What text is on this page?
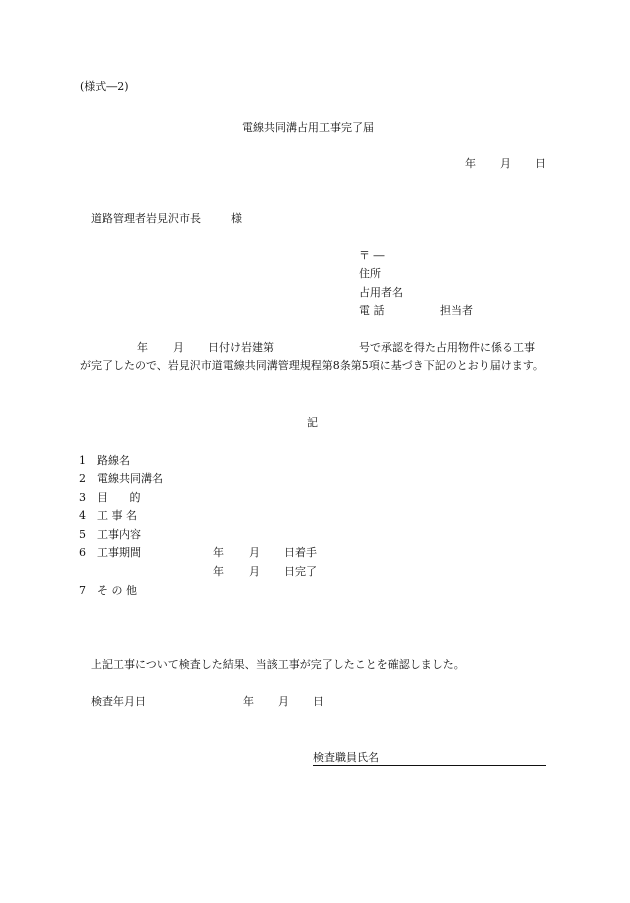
(様式―2)
電線共同溝占用工事完了届
年 月 日
道路管理者岩見沢市長	様
〒 ―
住所
占用者名
電 話	担当者
年 月 日付け岩建第	号で承認を得た占用物件に係る工事
が完了したので、岩見沢市道電線共同溝管理規程第8条第5項に基づき下記のとおり届けます。
記
1 路線名
2 電線共同溝名
3 目 的
4 工 事 名
5 工事内容
6 工事期間
7 そ の 他
年 月 日着手
年 月 日完了
上記工事について検査した結果、当該工事が完了したことを確認しました。
検査年月日	年 月 日
検査職員氏名
